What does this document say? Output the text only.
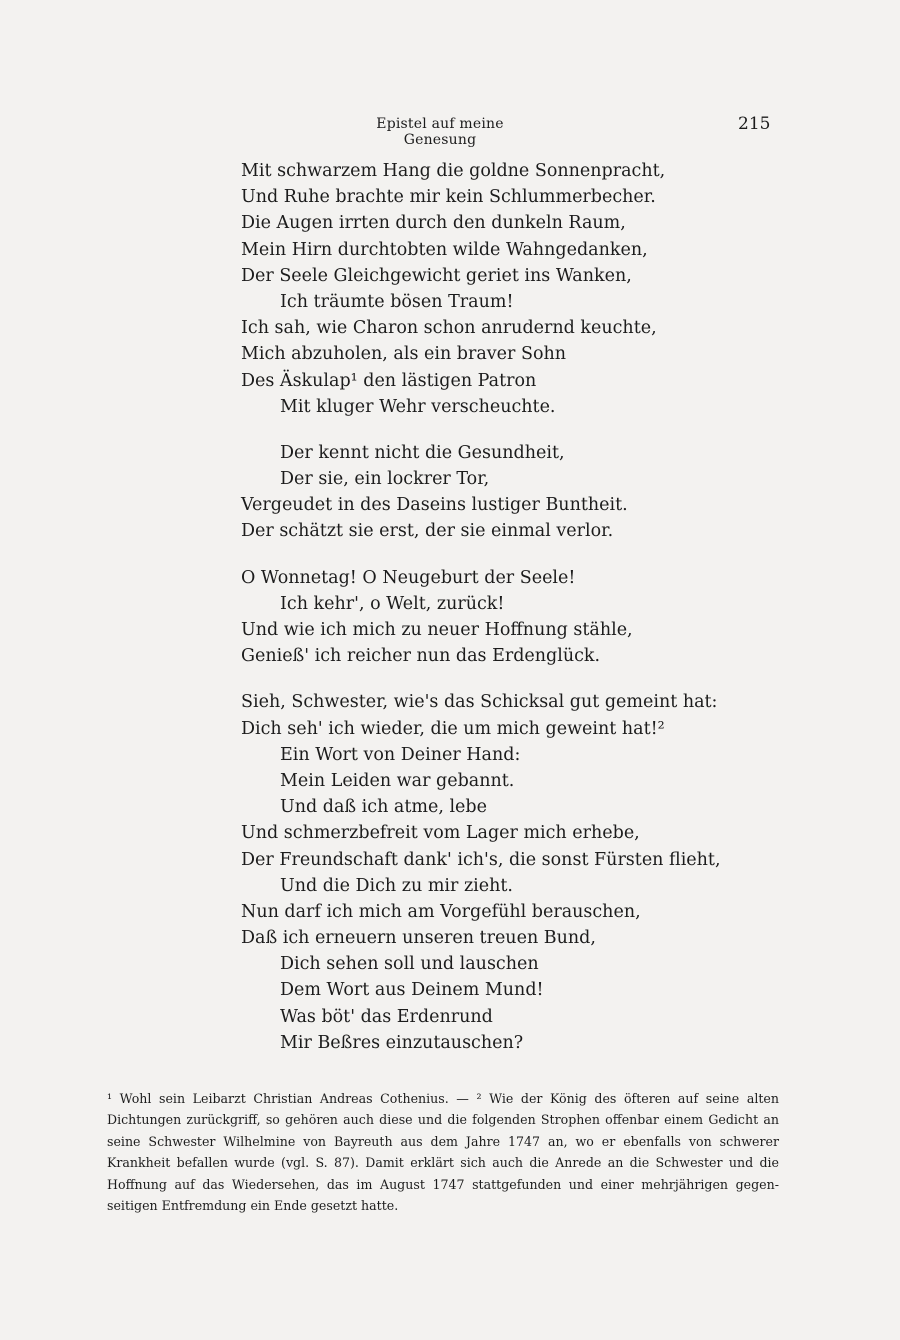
Epistel auf meine Genesung
215
Mit schwarzem Hang die goldne Sonnenpracht,
Und Ruhe brachte mir kein Schlummerbecher.
Die Augen irrten durch den dunkeln Raum,
Mein Hirn durchtobten wilde Wahngedanken,
Der Seele Gleichgewicht geriet ins Wanken,
Ich träumte bösen Traum!
Ich sah, wie Charon schon anrudernd keuchte,
Mich abzuholen, als ein braver Sohn
Des Äskulap¹ den lästigen Patron
Mit kluger Wehr verscheuchte.
Der kennt nicht die Gesundheit,
Der sie, ein lockrer Tor,
Vergeudet in des Daseins lustiger Buntheit.
Der schätzt sie erst, der sie einmal verlor.
O Wonnetag! O Neugeburt der Seele!
Ich kehr', o Welt, zurück!
Und wie ich mich zu neuer Hoffnung stähle,
Genieß' ich reicher nun das Erdenglück.
Sieh, Schwester, wie's das Schicksal gut gemeint hat:
Dich seh' ich wieder, die um mich geweint hat!²
Ein Wort von Deiner Hand:
Mein Leiden war gebannt.
Und daß ich atme, lebe
Und schmerzbefreit vom Lager mich erhebe,
Der Freundschaft dank' ich's, die sonst Fürsten flieht,
Und die Dich zu mir zieht.
Nun darf ich mich am Vorgefühl berauschen,
Daß ich erneuern unseren treuen Bund,
Dich sehen soll und lauschen
Dem Wort aus Deinem Mund!
Was böt' das Erdenrund
Mir Beßres einzutauschen?
¹ Wohl sein Leibarzt Christian Andreas Cothenius. — ² Wie der König des öfteren auf seine alten Dichtungen zurückgriff, so gehören auch diese und die folgenden Strophen offenbar einem Gedicht an seine Schwester Wilhelmine von Bayreuth aus dem Jahre 1747 an, wo er ebenfalls von schwerer Krankheit befallen wurde (vgl. S. 87). Damit erklärt sich auch die Anrede an die Schwester und die Hoffnung auf das Wiedersehen, das im August 1747 stattgefunden und einer mehrjährigen gegen- seitigen Entfremdung ein Ende gesetzt hatte.
